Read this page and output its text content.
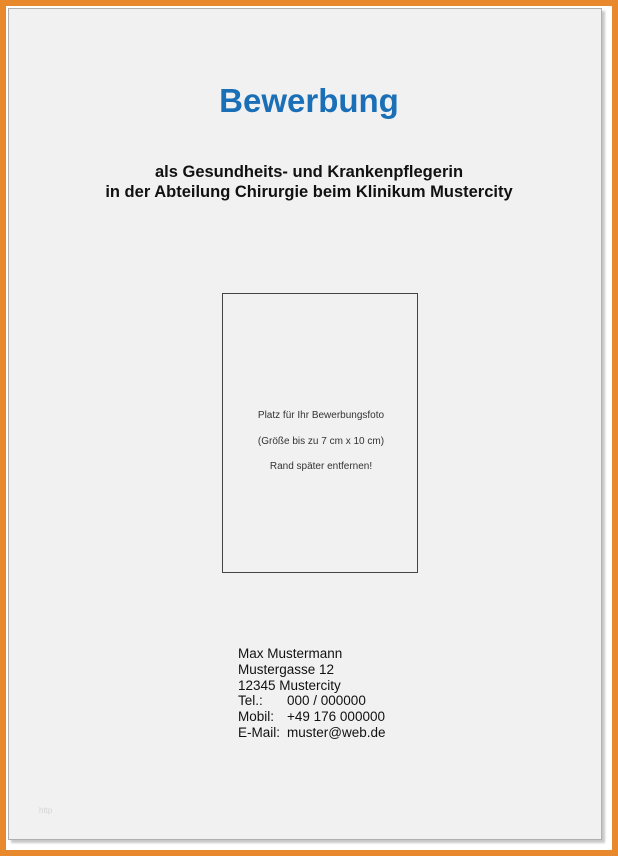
Bewerbung
als Gesundheits- und Krankenpflegerin
in der Abteilung Chirurgie beim Klinikum Mustercity
Platz für Ihr Bewerbungsfoto
(Größe bis zu 7 cm x 10 cm)
Rand später entfernen!
Max Mustermann
Mustergasse 12
12345 Mustercity
Tel.: 000 / 000000
Mobil: +49 176 000000
E-Mail: muster@web.de
http
